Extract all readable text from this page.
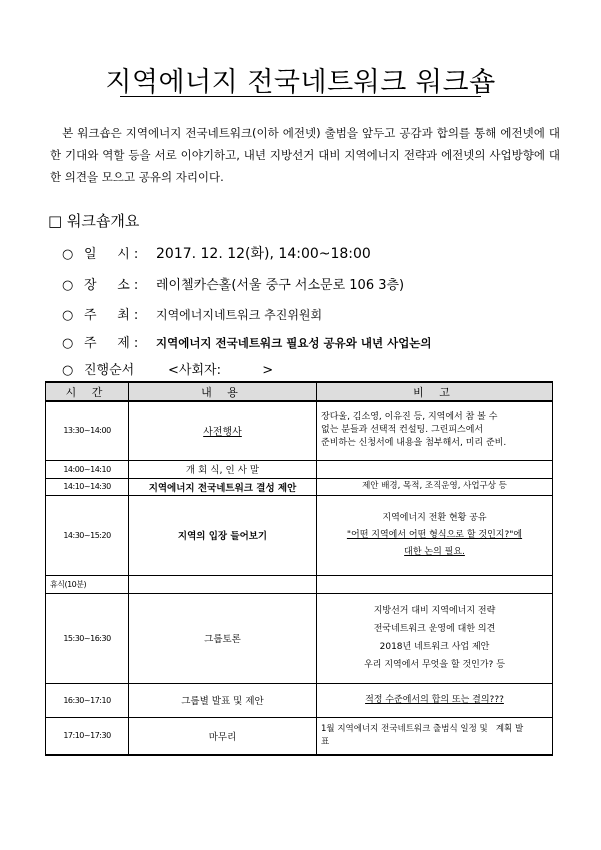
지역에너지 전국네트워크 워크숍
본 워크숍은 지역에너지 전국네트워크(이하 에전넷) 출범을 앞두고 공감과 합의를 통해 에전넷에 대한 기대와 역할 등을 서로 이야기하고, 내년 지방선거 대비 지역에너지 전략과 에전넷의 사업방향에 대한 의견을 모으고 공유의 자리이다.
□ 워크숍개요
○ 일     시 : 2017. 12. 12(화), 14:00~18:00
○ 장     소 : 레이첼카슨홀(서울 중구 서소문로 106 3층)
○ 주     최 : 지역에너지네트워크 추진위원회
○ 주     제 : 지역에너지 전국네트워크 필요성 공유와 내년 사업논의
○ 진행순서	<사회자:          >
시 간	내 용	비 고
13:30~14:00	사전행사	장다울, 김소영, 이유진 등, 지역에서 참 볼 수
없는 분들과 선택적 컨설팅. 그린피스에서
준비하는 신청서에 내용을 첨부해서, 미리 준비.

14:00~14:10	개 회 식, 인 사 말	
14:10~14:30	지역에너지 전국네트워크 결성 제안	제안 배경, 목적, 조직운영, 사업구상 등
14:30~15:20	지역의 입장 들어보기	지역에너지 전환 현황 공유
"어떤 지역에서 어떤 형식으로 할 것인지?"에
대한 논의 필요.

휴식(10분)		
15:30~16:30	그룹토론	지방선거 대비 지역에너지 전략
전국네트워크 운영에 대한 의견
2018년 네트워크 사업 제안
우리 지역에서 무엇을 할 것인가? 등

16:30~17:10	그룹별 발표 및 제안	적정 수준에서의 합의 또는 결의???
17:10~17:30	마무리	1월 지역에너지 전국네트워크 출범식 일정 및   계획 발
표
